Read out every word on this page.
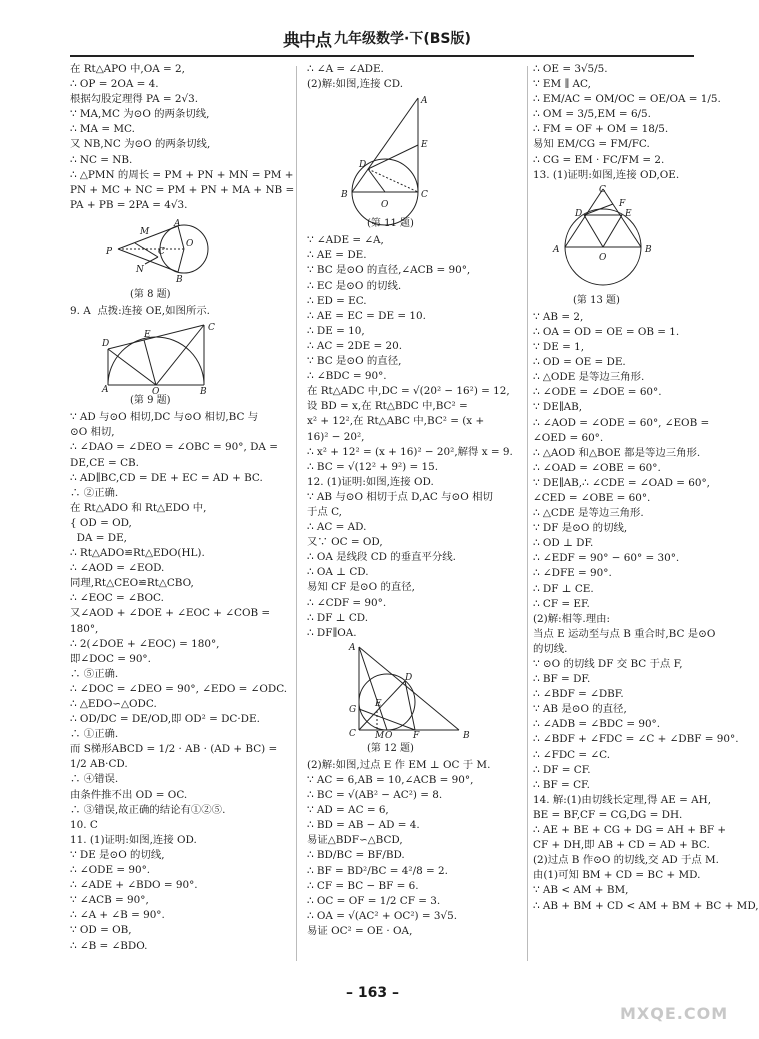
典中点 九年级数学·下(BS版)
在 Rt△APO 中,OA = 2,
∴ OP = 2OA = 4.
根据勾股定理得 PA = 2√3.
∵ MA,MC 为⊙O 的两条切线,
∴ MA = MC.
又 NB,NC 为⊙O 的两条切线,
∴ NC = NB.
∴ △PMN 的周长 = PM + PN + MN = PM +
PN + MC + NC = PM + PN + MA + NB =
PA + PB = 2PA = 4√3.
M
A
P	C
O
N
B
(第 8 题)
9. A  点拨:连接 OE,如图所示.
C
D
E
A	O	B
(第 9 题)
∵ AD 与⊙O 相切,DC 与⊙O 相切,BC 与
⊙O 相切,
∴ ∠DAO = ∠DEO = ∠OBC = 90°, DA =
DE,CE = CB.
∴ AD∥BC,CD = DE + EC = AD + BC.
∴ ②正确.
在 Rt△ADO 和 Rt△EDO 中,
{ OD = OD,
DA = DE,
∴ Rt△ADO≌Rt△EDO(HL).
∴ ∠AOD = ∠EOD.
同理,Rt△CEO≌Rt△CBO,
∴ ∠EOC = ∠BOC.
又∠AOD + ∠DOE + ∠EOC + ∠COB =
180°,
∴ 2(∠DOE + ∠EOC) = 180°,
即∠DOC = 90°.
∴ ⑤正确.
∴ ∠DOC = ∠DEO = 90°, ∠EDO = ∠ODC.
∴ △EDO∽△ODC.
∴ OD/DC = DE/OD,即 OD² = DC·DE.
∴ ①正确.
而 S梯形ABCD = 1/2 · AB · (AD + BC) =
1/2 AB·CD.
∴ ④错误.
由条件推不出 OD = OC.
∴ ③错误,故正确的结论有①②⑤.
10. C
11. (1)证明:如图,连接 OD.
∵ DE 是⊙O 的切线,
∴ ∠ODE = 90°.
∴ ∠ADE + ∠BDO = 90°.
∵ ∠ACB = 90°,
∴ ∠A + ∠B = 90°.
∵ OD = OB,
∴ ∠B = ∠BDO.
∴ ∠A = ∠ADE.
(2)解:如图,连接 CD.
A
E
D
B
O
C
(第 11 题)
∵ ∠ADE = ∠A,
∴ AE = DE.
∵ BC 是⊙O 的直径,∠ACB = 90°,
∴ EC 是⊙O 的切线.
∴ ED = EC.
∴ AE = EC = DE = 10.
∴ DE = 10,
∴ AC = 2DE = 20.
∵ BC 是⊙O 的直径,
∴ ∠BDC = 90°.
在 Rt△ADC 中,DC = √(20² − 16²) = 12,
设 BD = x,在 Rt△BDC 中,BC² =
x² + 12²,在 Rt△ABC 中,BC² = (x +
16)² − 20²,
∴ x² + 12² = (x + 16)² − 20²,解得 x = 9.
∴ BC = √(12² + 9²) = 15.
12. (1)证明:如图,连接 OD.
∵ AB 与⊙O 相切于点 D,AC 与⊙O 相切
于点 C,
∴ AC = AD.
又∵ OC = OD,
∴ OA 是线段 CD 的垂直平分线.
∴ OA ⊥ CD.
易知 CF 是⊙O 的直径,
∴ ∠CDF = 90°.
∴ DF ⊥ CD.
∴ DF∥OA.
A
G
E
D
C M O F	B
(第 12 题)
(2)解:如图,过点 E 作 EM ⊥ OC 于 M.
∵ AC = 6,AB = 10,∠ACB = 90°,
∴ BC = √(AB² − AC²) = 8.
∵ AD = AC = 6,
∴ BD = AB − AD = 4.
易证△BDF∽△BCD,
∴ BD/BC = BF/BD.
∴ BF = BD²/BC = 4²/8 = 2.
∴ CF = BC − BF = 6.
∴ OC = OF = 1/2 CF = 3.
∴ OA = √(AC² + OC²) = 3√5.
易证 OC² = OE · OA,
∴ OE = 3√5/5.
∵ EM ∥ AC,
∴ EM/AC = OM/OC = OE/OA = 1/5.
∴ OM = 3/5,EM = 6/5.
∴ FM = OF + OM = 18/5.
易知 EM/CG = FM/FC.
∴ CG = EM · FC/FM = 2.
13. (1)证明:如图,连接 OD,OE.
C
F
D	E
A
O
B
(第 13 题)
∵ AB = 2,
∴ OA = OD = OE = OB = 1.
∵ DE = 1,
∴ OD = OE = DE.
∴ △ODE 是等边三角形.
∴ ∠ODE = ∠DOE = 60°.
∵ DE∥AB,
∴ ∠AOD = ∠ODE = 60°, ∠EOB =
∠OED = 60°.
∴ △AOD 和△BOE 都是等边三角形.
∴ ∠OAD = ∠OBE = 60°.
∵ DE∥AB,∴ ∠CDE = ∠OAD = 60°,
∠CED = ∠OBE = 60°.
∴ △CDE 是等边三角形.
∵ DF 是⊙O 的切线,
∴ OD ⊥ DF.
∴ ∠EDF = 90° − 60° = 30°.
∴ ∠DFE = 90°.
∴ DF ⊥ CE.
∴ CF = EF.
(2)解:相等.理由:
当点 E 运动至与点 B 重合时,BC 是⊙O
的切线.
∵ ⊙O 的切线 DF 交 BC 于点 F,
∴ BF = DF.
∴ ∠BDF = ∠DBF.
∵ AB 是⊙O 的直径,
∴ ∠ADB = ∠BDC = 90°.
∴ ∠BDF + ∠FDC = ∠C + ∠DBF = 90°.
∴ ∠FDC = ∠C.
∴ DF = CF.
∴ BF = CF.
14. 解:(1)由切线长定理,得 AE = AH,
BE = BF,CF = CG,DG = DH.
∴ AE + BE + CG + DG = AH + BF +
CF + DH,即 AB + CD = AD + BC.
(2)过点 B 作⊙O 的切线,交 AD 于点 M.
由(1)可知 BM + CD = BC + MD.
∵ AB < AM + BM,
∴ AB + BM + CD < AM + BM + BC + MD,
– 163 –
MXQE.COM
